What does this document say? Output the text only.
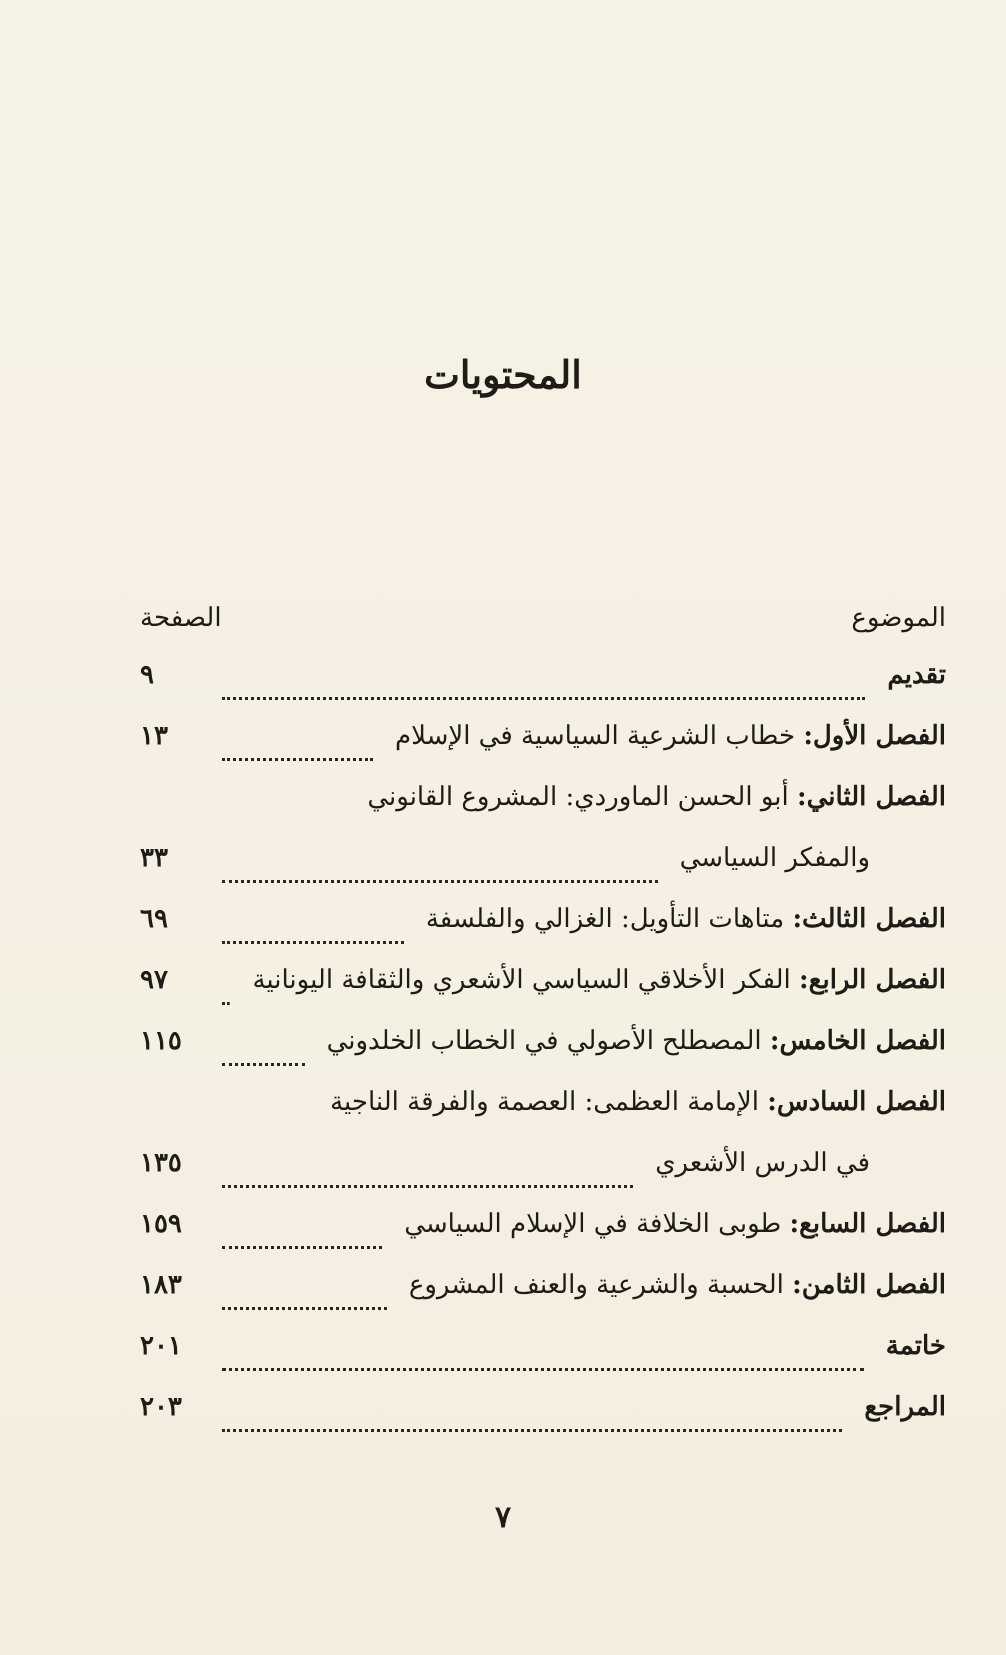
المحتويات
الموضوع
الصفحة
تقديم
٩
الفصل الأول: خطاب الشرعية السياسية في الإسلام
١٣
الفصل الثاني: أبو الحسن الماوردي: المشروع القانوني
والمفكر السياسي
٣٣
الفصل الثالث: متاهات التأويل: الغزالي والفلسفة
٦٩
الفصل الرابع: الفكر الأخلاقي السياسي الأشعري والثقافة اليونانية
٩٧
الفصل الخامس: المصطلح الأصولي في الخطاب الخلدوني
١١٥
الفصل السادس: الإمامة العظمى: العصمة والفرقة الناجية
في الدرس الأشعري
١٣٥
الفصل السابع: طوبى الخلافة في الإسلام السياسي
١٥٩
الفصل الثامن: الحسبة والشرعية والعنف المشروع
١٨٣
خاتمة
٢٠١
المراجع
٢٠٣
٧
